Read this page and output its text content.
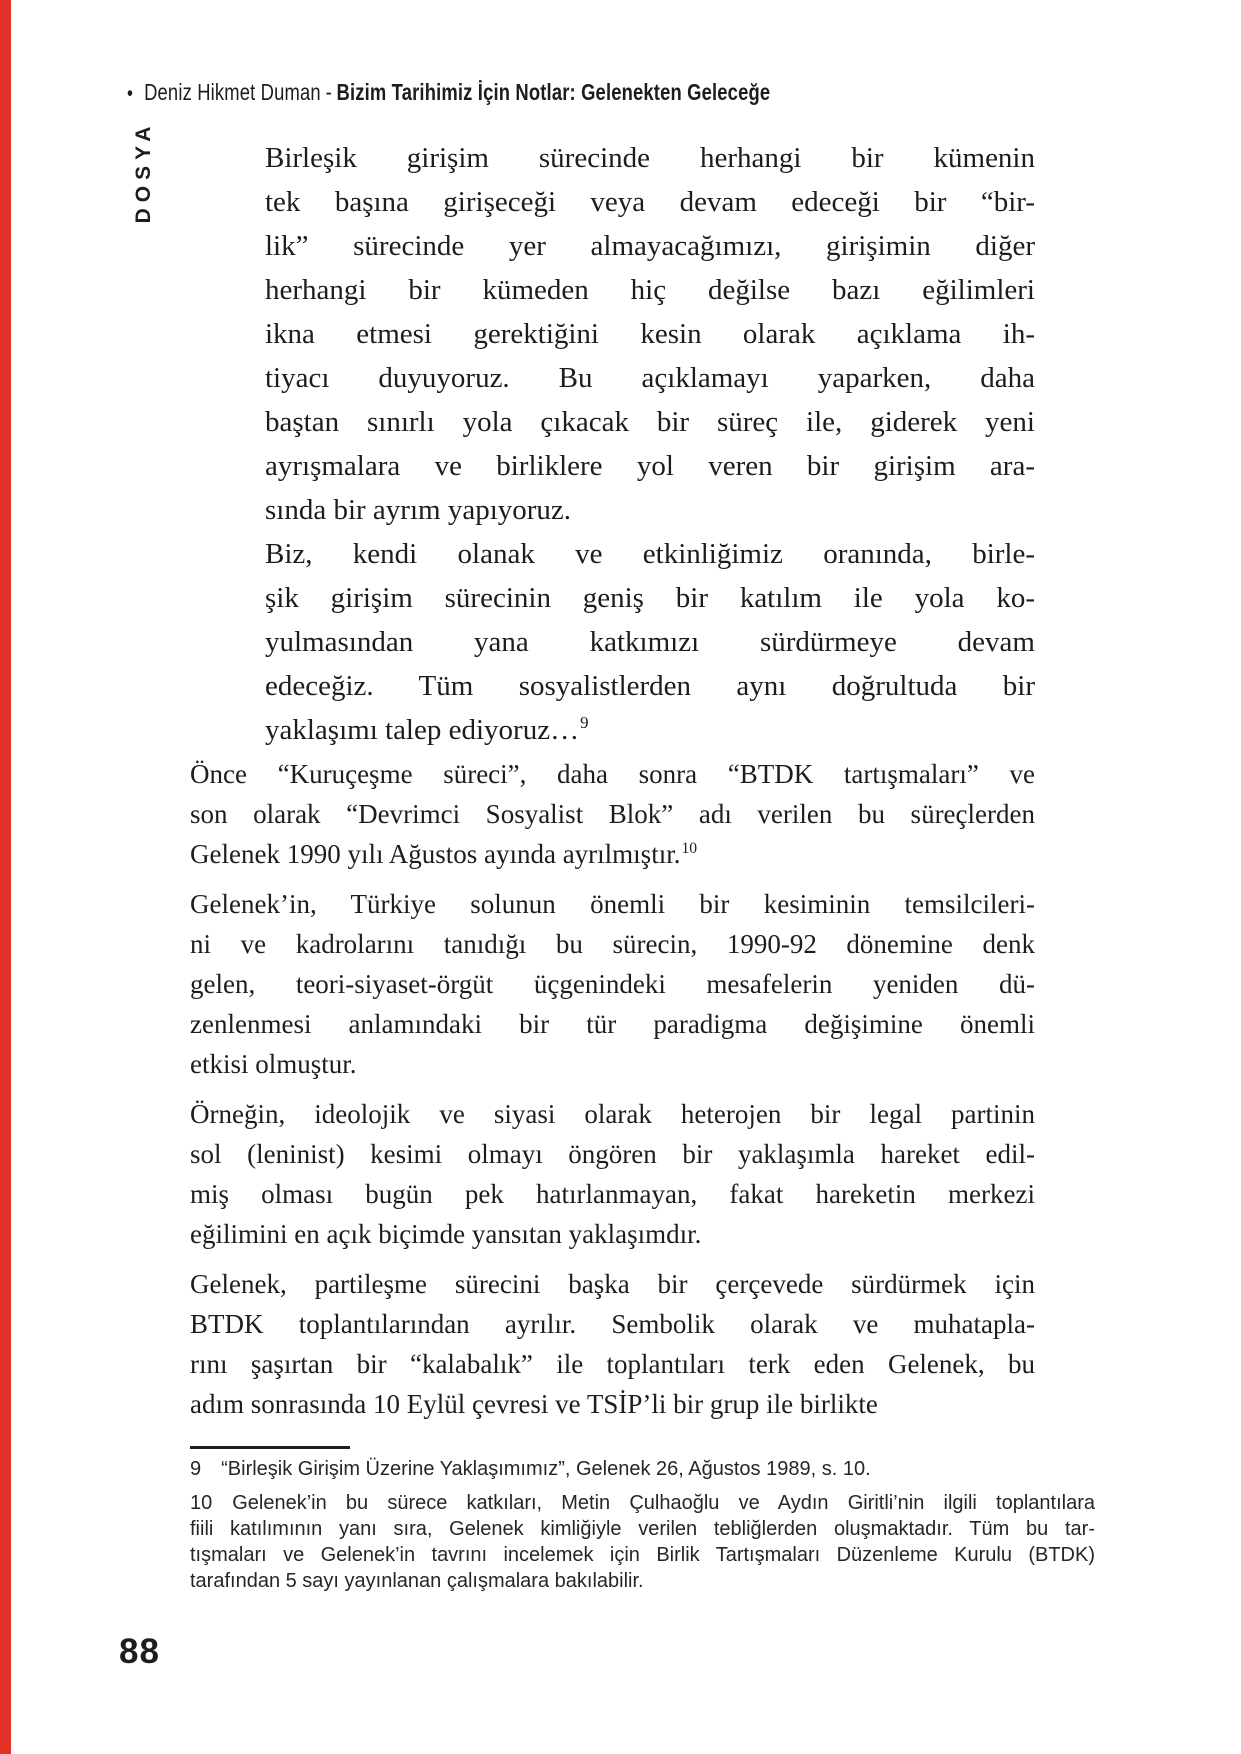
• Deniz Hikmet Duman - Bizim Tarihimiz İçin Notlar: Gelenekten Geleceğe
DOSYA	Birleşik girişim sürecinde herhangi bir kümenin
tek başına girişeceği veya devam edeceği bir “bir-
lik” sürecinde yer almayacağımızı, girişimin diğer
herhangi bir kümeden hiç değilse bazı eğilimleri
ikna etmesi gerektiğini kesin olarak açıklama ih-
tiyacı duyuyoruz. Bu açıklamayı yaparken, daha
baştan sınırlı yola çıkacak bir süreç ile, giderek yeni
ayrışmalara ve birliklere yol veren bir girişim ara-
sında bir ayrım yapıyoruz.
Biz, kendi olanak ve etkinliğimiz oranında, birle-
şik girişim sürecinin geniş bir katılım ile yola ko-
yulmasından yana katkımızı sürdürmeye devam
edeceğiz. Tüm sosyalistlerden aynı doğrultuda bir
yaklaşımı talep ediyoruz…$^9$
Önce “Kuruçeşme süreci”, daha sonra “BTDK tartışmaları” ve
son olarak “Devrimci Sosyalist Blok” adı verilen bu süreçlerden
Gelenek 1990 yılı Ağustos ayında ayrılmıştır.$^{10}$
Gelenek’in, Türkiye solunun önemli bir kesiminin temsilcileri-
ni ve kadrolarını tanıdığı bu sürecin, 1990-92 dönemine denk
gelen, teori-siyaset-örgüt üçgenindeki mesafelerin yeniden dü-
zenlenmesi anlamındaki bir tür paradigma değişimine önemli
etkisi olmuştur.
Örneğin, ideolojik ve siyasi olarak heterojen bir legal partinin
sol (leninist) kesimi olmayı öngören bir yaklaşımla hareket edil-
miş olması bugün pek hatırlanmayan, fakat hareketin merkezi
eğilimini en açık biçimde yansıtan yaklaşımdır.
Gelenek, partileşme sürecini başka bir çerçevede sürdürmek için
BTDK toplantılarından ayrılır. Sembolik olarak ve muhatapla-
rını şaşırtan bir “kalabalık” ile toplantıları terk eden Gelenek, bu
adım sonrasında 10 Eylül çevresi ve TSİP’li bir grup ile birlikte
9 “Birleşik Girişim Üzerine Yaklaşımımız”, Gelenek 26, Ağustos 1989, s. 10.
10 Gelenek’in bu sürece katkıları, Metin Çulhaoğlu ve Aydın Giritli’nin ilgili toplantılara
fiili katılımının yanı sıra, Gelenek kimliğiyle verilen tebliğlerden oluşmaktadır. Tüm bu tar-
tışmaları ve Gelenek’in tavrını incelemek için Birlik Tartışmaları Düzenleme Kurulu (BTDK)
tarafından 5 sayı yayınlanan çalışmalara bakılabilir.
88
